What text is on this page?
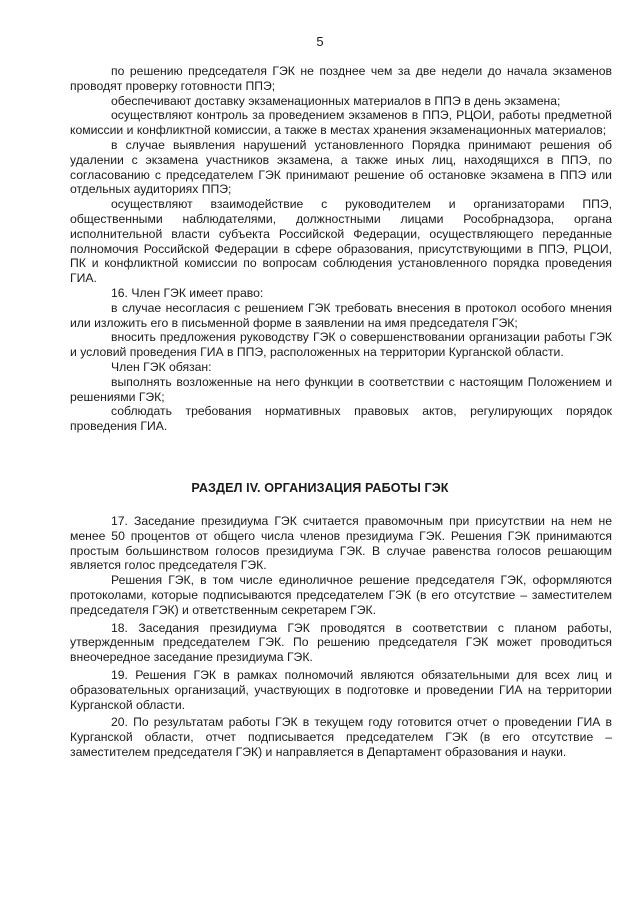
5

по решению председателя ГЭК не позднее чем за две недели до начала экзаменов проводят проверку готовности ППЭ;

обеспечивают доставку экзаменационных материалов в ППЭ в день экзамена;

осуществляют контроль за проведением экзаменов в ППЭ, РЦОИ, работы предметной комиссии и конфликтной комиссии, а также в местах хранения экзаменационных материалов;

в случае выявления нарушений установленного Порядка принимают решения об удалении с экзамена участников экзамена, а также иных лиц, находящихся в ППЭ, по согласованию с председателем ГЭК принимают решение об остановке экзамена в ППЭ или отдельных аудиториях ППЭ;

осуществляют взаимодействие с руководителем и организаторами ППЭ, общественными наблюдателями, должностными лицами Рособрнадзора, органа исполнительной власти субъекта Российской Федерации, осуществляющего переданные полномочия Российской Федерации в сфере образования, присутствующими в ППЭ, РЦОИ, ПК и конфликтной комиссии по вопросам соблюдения установленного порядка проведения ГИА.

16. Член ГЭК имеет право:

в случае несогласия с решением ГЭК требовать внесения в протокол особого мнения или изложить его в письменной форме в заявлении на имя председателя ГЭК;

вносить предложения руководству ГЭК о совершенствовании организации работы ГЭК и условий проведения ГИА в ППЭ, расположенных на территории Курганской области.

Член ГЭК обязан:

выполнять возложенные на него функции в соответствии с настоящим Положением и решениями ГЭК;

соблюдать требования нормативных правовых актов, регулирующих порядок проведения ГИА.

РАЗДЕЛ IV. ОРГАНИЗАЦИЯ РАБОТЫ ГЭК

17. Заседание президиума ГЭК считается правомочным при присутствии на нем не менее 50 процентов от общего числа членов президиума ГЭК. Решения ГЭК принимаются простым большинством голосов президиума ГЭК. В случае равенства голосов решающим является голос председателя ГЭК.

Решения ГЭК, в том числе единоличное решение председателя ГЭК, оформляются протоколами, которые подписываются председателем ГЭК (в его отсутствие – заместителем председателя ГЭК) и ответственным секретарем ГЭК.

18. Заседания президиума ГЭК проводятся в соответствии с планом работы, утвержденным председателем ГЭК. По решению председателя ГЭК может проводиться внеочередное заседание президиума ГЭК.

19. Решения ГЭК в рамках полномочий являются обязательными для всех лиц и образовательных организаций, участвующих в подготовке и проведении ГИА на территории Курганской области.

20. По результатам работы ГЭК в текущем году готовится отчет о проведении ГИА в Курганской области, отчет подписывается председателем ГЭК (в его отсутствие – заместителем председателя ГЭК) и направляется в Департамент образования и науки.
